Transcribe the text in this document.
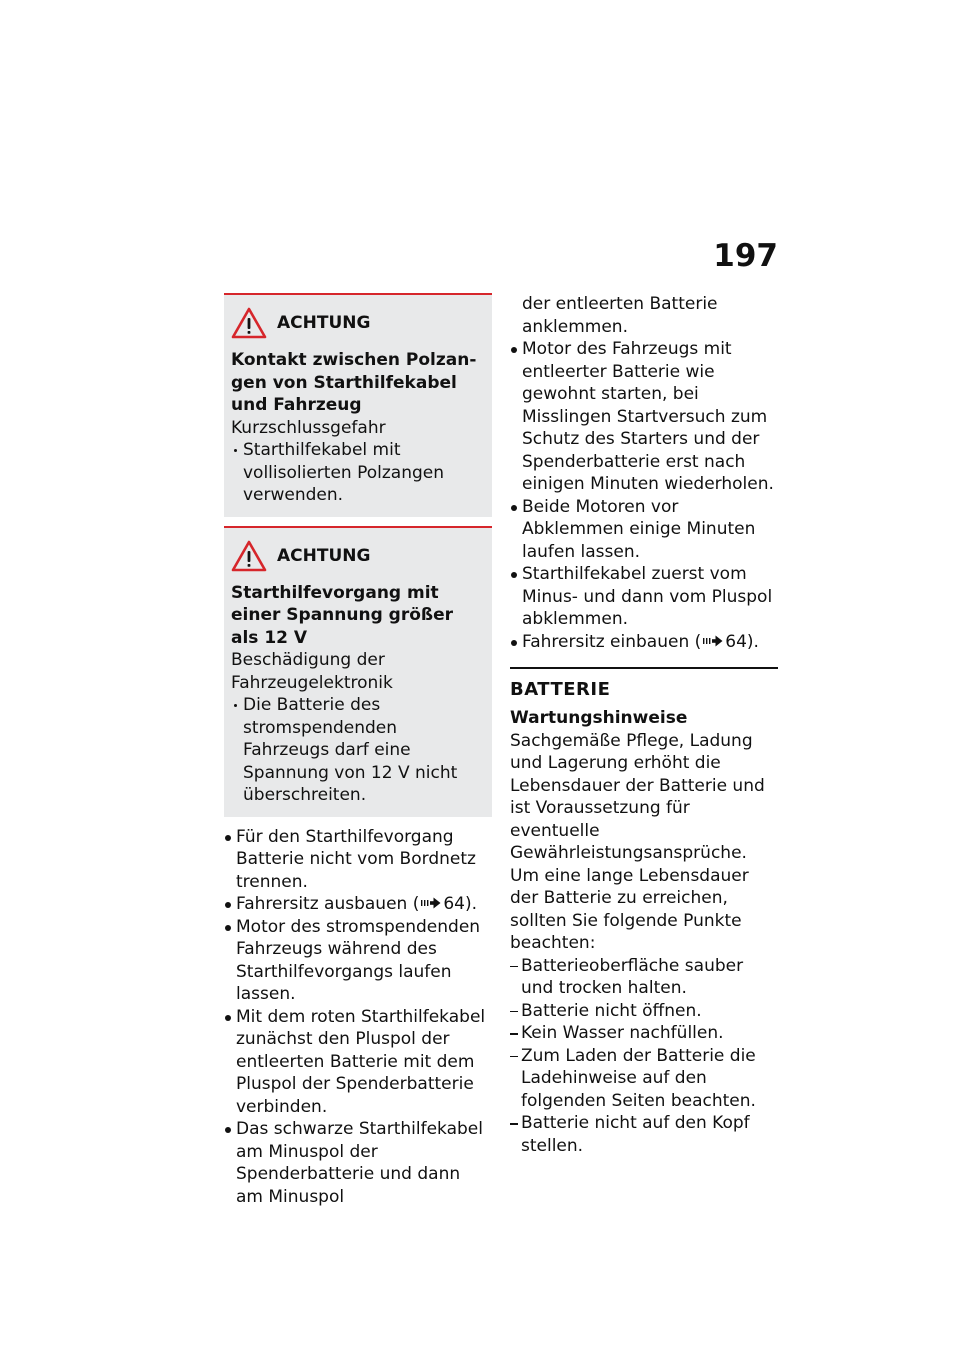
197
ACHTUNG
Kontakt zwischen Polzangen von Starthilfekabel und Fahrzeug
Kurzschlussgefahr
Starthilfekabel mit vollisolierten Polzangen verwenden.
ACHTUNG
Starthilfevorgang mit einer Spannung größer als 12 V
Beschädigung der Fahrzeugelektronik
Die Batterie des stromspendenden Fahrzeugs darf eine Spannung von 12 V nicht überschreiten.
Für den Starthilfevorgang Batterie nicht vom Bordnetz trennen.
Fahrersitz ausbauen ( 64).
Motor des stromspendenden Fahrzeugs während des Starthilfevorgangs laufen lassen.
Mit dem roten Starthilfekabel zunächst den Pluspol der entleerten Batterie mit dem Pluspol der Spenderbatterie verbinden.
Das schwarze Starthilfekabel am Minuspol der Spenderbatterie und dann am Minuspol
der entleerten Batterie anklemmen.
Motor des Fahrzeugs mit entleerter Batterie wie gewohnt starten, bei Misslingen Startversuch zum Schutz des Starters und der Spenderbatterie erst nach einigen Minuten wiederholen.
Beide Motoren vor Abklemmen einige Minuten laufen lassen.
Starthilfekabel zuerst vom Minus- und dann vom Pluspol abklemmen.
Fahrersitz einbauen ( 64).
BATTERIE
Wartungshinweise
Sachgemäße Pflege, Ladung und Lagerung erhöht die Lebensdauer der Batterie und ist Voraussetzung für eventuelle Gewährleistungsansprüche.
Um eine lange Lebensdauer der Batterie zu erreichen, sollten Sie folgende Punkte beachten:
Batterieoberfläche sauber und trocken halten.
Batterie nicht öffnen.
Kein Wasser nachfüllen.
Zum Laden der Batterie die Ladehinweise auf den folgenden Seiten beachten.
Batterie nicht auf den Kopf stellen.
